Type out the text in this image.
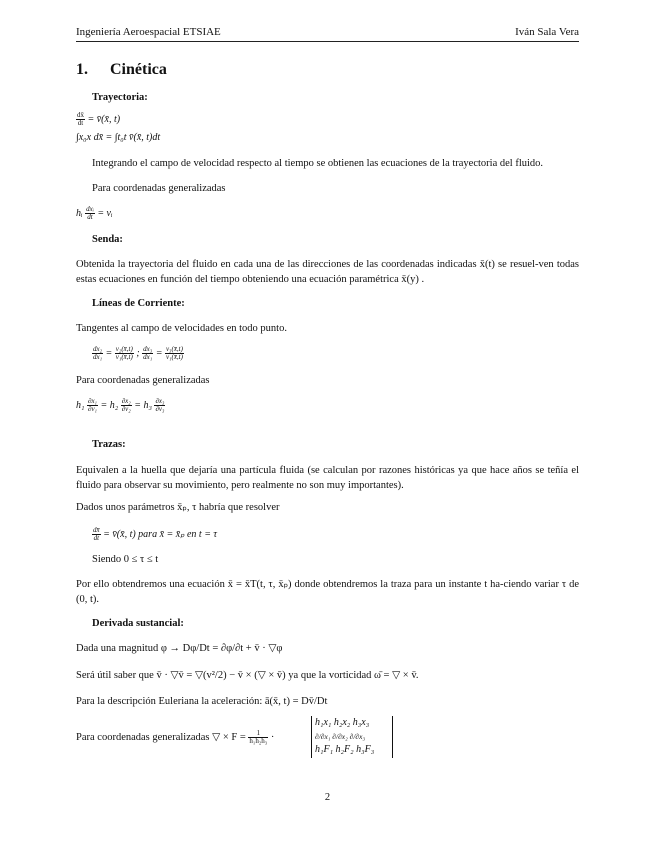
Ingeniería Aeroespacial ETSIAE	Iván Sala Vera
1. Cinética
Trayectoria:
$\frac{dx̄}{dt}$ = v̄(x̄, t)
∫x₀x dx̄ = ∫t₀t v̄(x̄, t)dt
Integrando el campo de velocidad respecto al tiempo se obtienen las ecuaciones de la trayectoria del fluido.
Para coordenadas generalizadas
hᵢ $\frac{\text{dxᵢ}}{dt}$ = vᵢ
Senda:
Obtenida la trayectoria del fluido en cada una de las direcciones de las coordenadas indicadas x̄(t) se resuel-ven todas estas ecuaciones en función del tiempo obteniendo una ecuación paramétrica x̄(y) .
Líneas de Corriente:
Tangentes al campo de velocidades en todo punto.
$\frac{\text{dx₂}}{\text{dx₁}} = \frac{\text{v₂(x̄,t)}}{\text{v₁(x̄,t)}}$ ; $\frac{\text{dx₃}}{\text{dx₁}} = \frac{\text{v₃(x̄,t)}}{\text{v₁(x̄,t)}}$
Para coordenadas generalizadas
$h_1 \frac{\text{∂x₁}}{\text{∂v₁}} = h_2 \frac{\text{∂x₂}}{\text{∂v₂}} = h_3 \frac{\text{∂x₃}}{\text{∂v₃}}$
Trazas:
Equivalen a la huella que dejaría una partícula fluida (se calculan por razones históricas ya que hace años se teñía el fluido para observar su movimiento, pero realmente no son muy importantes).
Dados unos parámetros x̄ₚ, τ habría que resolver
$\frac{dx̄}{dt}$ = v̄(x̄, t) para x̄ = x̄ₚ en t = τ
Siendo 0 ≤ τ ≤ t
Por ello obtendremos una ecuación x̄ = x̄T(t, τ, x̄ₚ) donde obtendremos la traza para un instante t ha-ciendo variar τ de (0, t).
Derivada sustancial:
Dada una magnitud φ → Dφ/Dt = ∂φ/∂t + v̄ · ▽φ
Será útil saber que v̄ · ▽v̄ = ▽(v²/2) − v̄ × (▽ × v̄) ya que la vorticidad ω̄ = ▽ × v̄.
Para la descripción Euleriana la aceleración: ā(x̄, t) = Dv̄/Dt
Para coordenadas generalizadas ▽ × $F = \frac{1}{\text{h₁h₂h₃}}$ ·
h₁x₁ h₂x₂ h₃x₃
∂/∂x₁ ∂/∂x₂ ∂/∂x₃
h₁F₁ h₂F₂ h₃F₃
2
